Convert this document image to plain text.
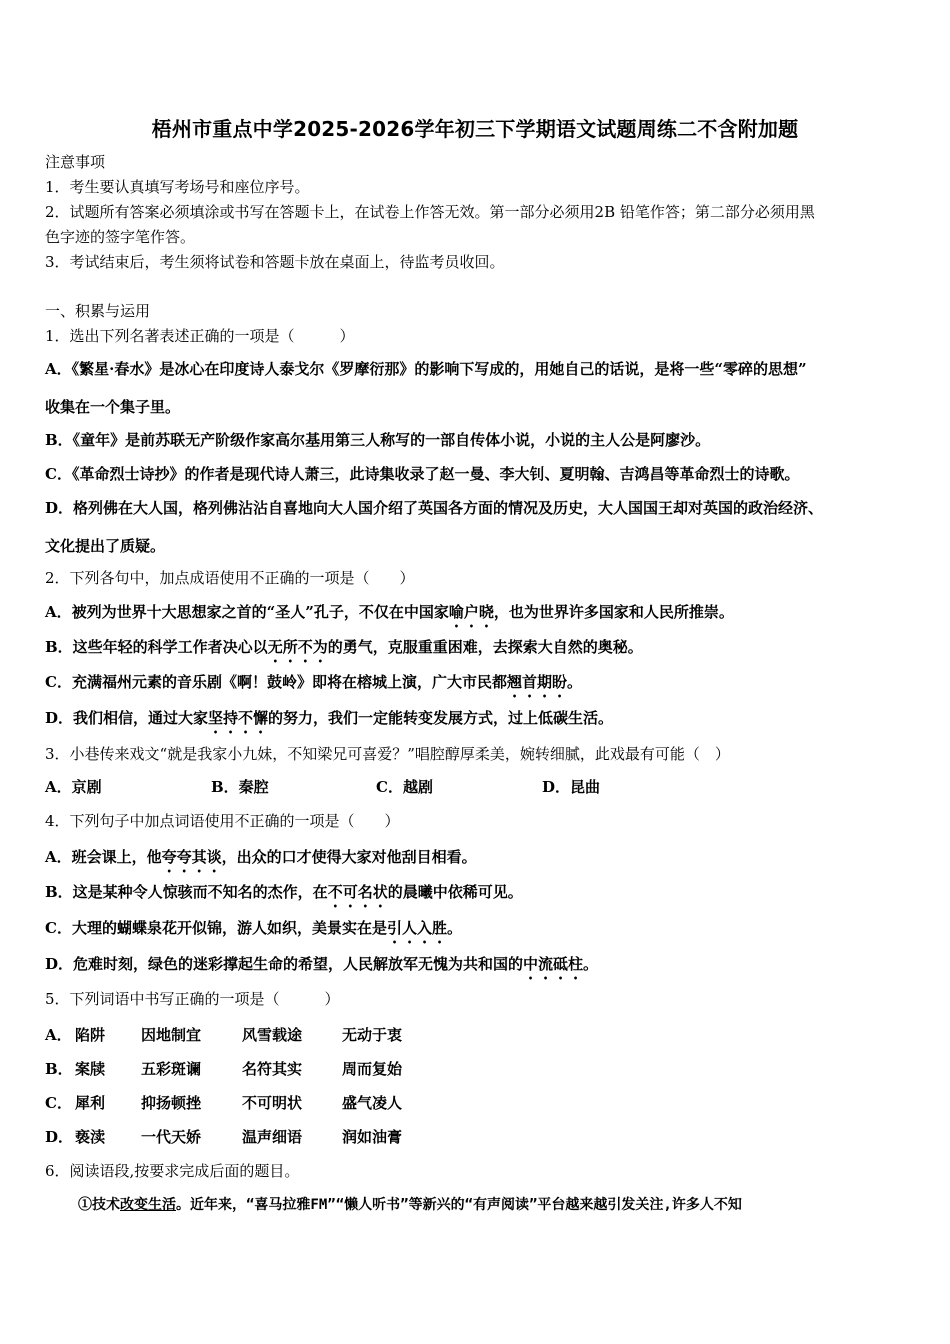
梧州市重点中学2025-2026学年初三下学期语文试题周练二不含附加题
注意事项
1．考生要认真填写考场号和座位序号。
2．试题所有答案必须填涂或书写在答题卡上，在试卷上作答无效。第一部分必须用2B 铅笔作答；第二部分必须用黑
色字迹的签字笔作答。
3．考试结束后，考生须将试卷和答题卡放在桌面上，待监考员收回。
一、积累与运用
1．选出下列名著表述正确的一项是（　　　）
A．《繁星·春水》是冰心在印度诗人泰戈尔《罗摩衍那》的影响下写成的，用她自己的话说，是将一些“零碎的思想”
收集在一个集子里。
B．《童年》是前苏联无产阶级作家高尔基用第三人称写的一部自传体小说，小说的主人公是阿廖沙。
C．《革命烈士诗抄》的作者是现代诗人萧三，此诗集收录了赵一曼、李大钊、夏明翰、吉鸿昌等革命烈士的诗歌。
D．格列佛在大人国，格列佛沾沾自喜地向大人国介绍了英国各方面的情况及历史，大人国国王却对英国的政治经济、
文化提出了质疑。
2．下列各句中，加点成语使用不正确的一项是（　　）
A．被列为世界十大思想家之首的“圣人”孔子，不仅在中国家喻户晓，也为世界许多国家和人民所推崇。
B．这些年轻的科学工作者决心以无所不为的勇气，克服重重困难，去探索大自然的奥秘。
C．充满福州元素的音乐剧《啊！鼓岭》即将在榕城上演，广大市民都翘首期盼。
D．我们相信，通过大家坚持不懈的努力，我们一定能转变发展方式，过上低碳生活。
3．小巷传来戏文“就是我家小九妹，不知梁兄可喜爱？”唱腔醇厚柔美，婉转细腻，此戏最有可能（　）
A．京剧	B．秦腔	C．越剧	D．昆曲
4．下列句子中加点词语使用不正确的一项是（　　）
A．班会课上，他夸夸其谈，出众的口才使得大家对他刮目相看。
B．这是某种令人惊骇而不知名的杰作，在不可名状的晨曦中依稀可见。
C．大理的蝴蝶泉花开似锦，游人如织，美景实在是引人入胜。
D．危难时刻，绿色的迷彩撑起生命的希望，人民解放军无愧为共和国的中流砥柱。
5．下列词语中书写正确的一项是（　　　）
A． 陷阱 因地制宜	风雪载途	无动于衷
B． 案牍 五彩斑谰	名符其实	周而复始
C． 犀利 抑扬顿挫	不可明状	盛气凌人
D． 亵渎 一代天娇	温声细语	润如油膏
6．阅读语段,按要求完成后面的题目。
①技术改变生活。近年来，“喜马拉雅FM”“懒人听书”等新兴的“有声阅读”平台越来越引发关注,许多人不知
